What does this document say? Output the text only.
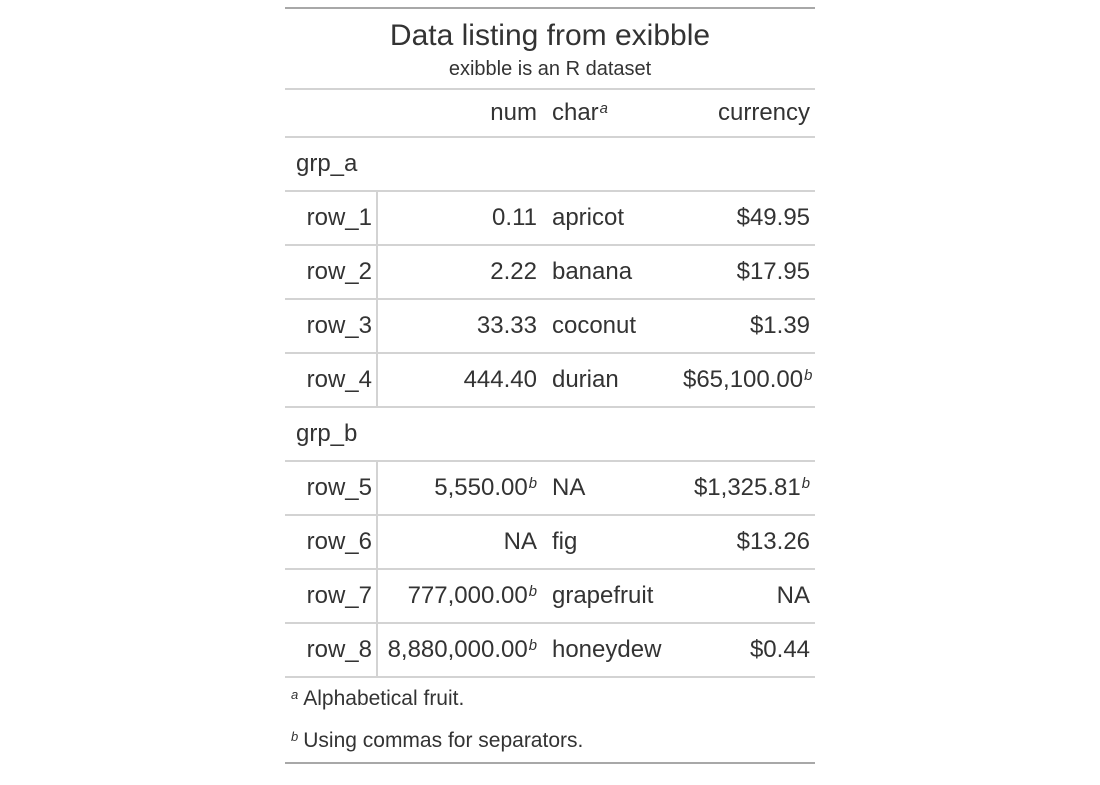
Data listing from exibble			
exibble is an R dataset			
	num	char$^a$	currency
grp_a			
row_1	0.11	apricot	$49.95
row_2	2.22	banana	$17.95
row_3	33.33	coconut	$1.39
row_4	444.40	durian	$65,100.00$^b$
grp_b			
row_5	5,550.00$^b$	NA	$1,325.81$^b$
row_6	NA	fig	$13.26
row_7	777,000.00$^b$	grapefruit	NA
row_8	8,880,000.00$^b$	honeydew	$0.44
$^a$ Alphabetical fruit.			
$^b$ Using commas for separators.			
